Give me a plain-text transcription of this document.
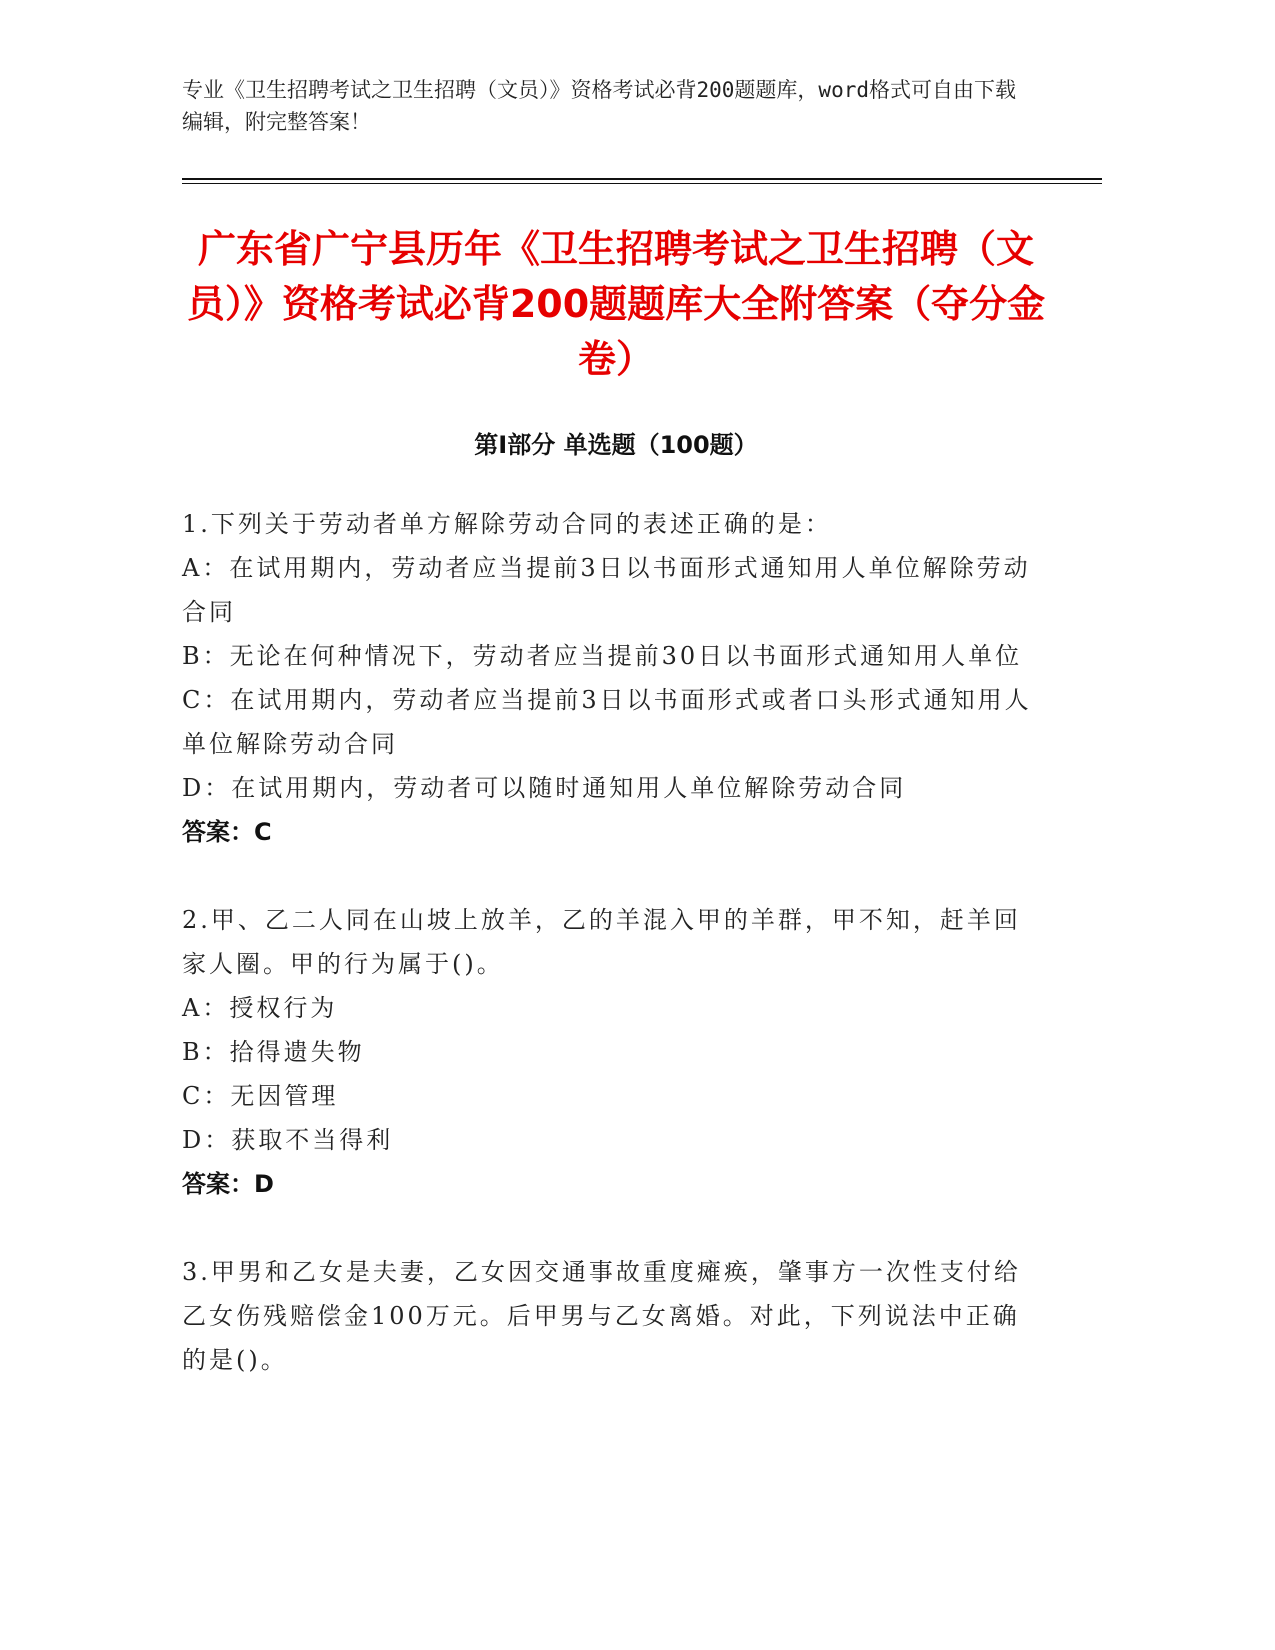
专业《卫生招聘考试之卫生招聘（文员）》资格考试必背200题题库，word格式可自由下载编辑，附完整答案！
广东省广宁县历年《卫生招聘考试之卫生招聘（文员）》资格考试必背200题题库大全附答案（夺分金卷）
第Ⅰ部分 单选题（100题）

1.下列关于劳动者单方解除劳动合同的表述正确的是：

A：在试用期内，劳动者应当提前3日以书面形式通知用人单位解除劳动合同

B：无论在何种情况下，劳动者应当提前30日以书面形式通知用人单位

C：在试用期内，劳动者应当提前3日以书面形式或者口头形式通知用人单位解除劳动合同

D：在试用期内，劳动者可以随时通知用人单位解除劳动合同

答案：C

2.甲、乙二人同在山坡上放羊，乙的羊混入甲的羊群，甲不知，赶羊回家人圈。甲的行为属于()。

A：授权行为

B：拾得遗失物

C：无因管理

D：获取不当得利

答案：D

3.甲男和乙女是夫妻，乙女因交通事故重度瘫痪，肇事方一次性支付给乙女伤残赔偿金100万元。后甲男与乙女离婚。对此，下列说法中正确的是()。
